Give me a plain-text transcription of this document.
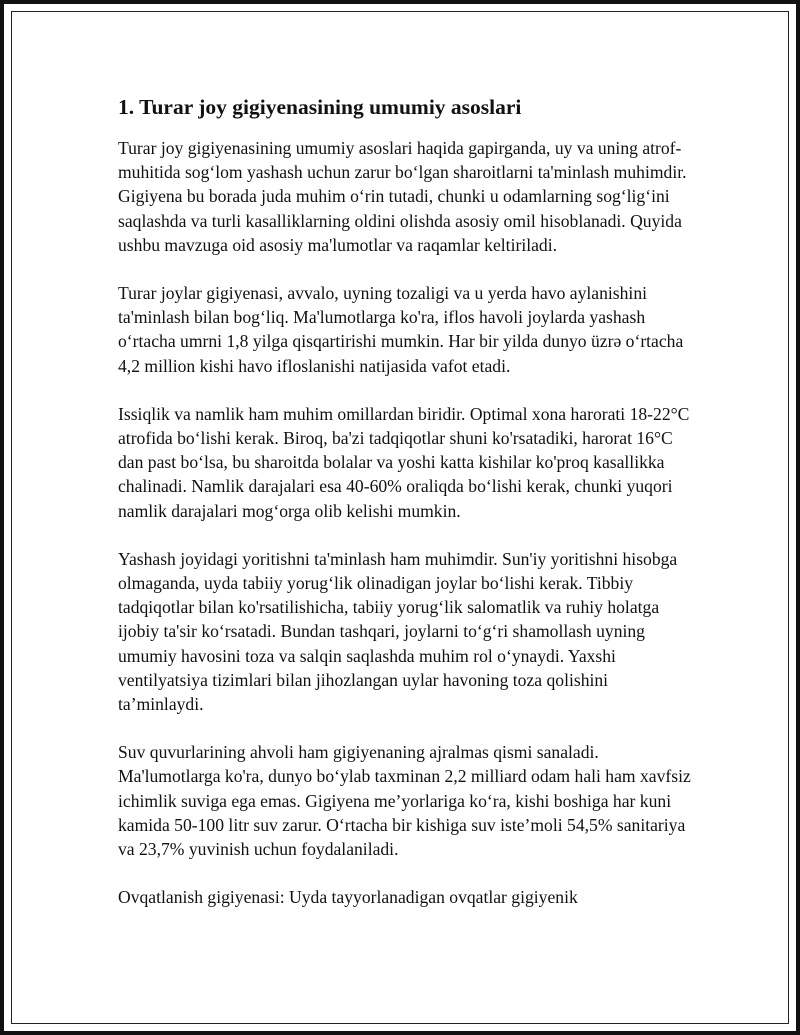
1. Turar joy gigiyenasining umumiy asoslari

Turar joy gigiyenasining umumiy asoslari haqida gapirganda, uy va uning atrof-muhitida sog‘lom yashash uchun zarur bo‘lgan sharoitlarni ta'minlash muhimdir. Gigiyena bu borada juda muhim o‘rin tutadi, chunki u odamlarning sog‘lig‘ini saqlashda va turli kasalliklarning oldini olishda asosiy omil hisoblanadi. Quyida ushbu mavzuga oid asosiy ma'lumotlar va raqamlar keltiriladi.

Turar joylar gigiyenasi, avvalo, uyning tozaligi va u yerda havo aylanishini ta'minlash bilan bog‘liq. Ma'lumotlarga ko'ra, iflos havoli joylarda yashash o‘rtacha umrni 1,8 yilga qisqartirishi mumkin. Har bir yilda dunyo üzrə o‘rtacha 4,2 million kishi havo ifloslanishi natijasida vafot etadi.

Issiqlik va namlik ham muhim omillardan biridir. Optimal xona harorati 18-22°C atrofida bo‘lishi kerak. Biroq, ba'zi tadqiqotlar shuni ko'rsatadiki, harorat 16°C dan past bo‘lsa, bu sharoitda bolalar va yoshi katta kishilar ko'proq kasallikka chalinadi. Namlik darajalari esa 40-60% oraliqda bo‘lishi kerak, chunki yuqori namlik darajalari mog‘orga olib kelishi mumkin.

Yashash joyidagi yoritishni ta'minlash ham muhimdir. Sun'iy yoritishni hisobga olmaganda, uyda tabiiy yorug‘lik olinadigan joylar bo‘lishi kerak. Tibbiy tadqiqotlar bilan ko'rsatilishicha, tabiiy yorug‘lik salomatlik va ruhiy holatga ijobiy ta'sir ko‘rsatadi. Bundan tashqari, joylarni to‘g‘ri shamollash uyning umumiy havosini toza va salqin saqlashda muhim rol o‘ynaydi. Yaxshi ventilyatsiya tizimlari bilan jihozlangan uylar havoning toza qolishini ta’minlaydi.

Suv quvurlarining ahvoli ham gigiyenaning ajralmas qismi sanaladi. Ma'lumotlarga ko'ra, dunyo bo‘ylab taxminan 2,2 milliard odam hali ham xavfsiz ichimlik suviga ega emas. Gigiyena me’yorlariga ko‘ra, kishi boshiga har kuni kamida 50-100 litr suv zarur. O‘rtacha bir kishiga suv iste’moli 54,5% sanitariya va 23,7% yuvinish uchun foydalaniladi.

Ovqatlanish gigiyenasi: Uyda tayyorlanadigan ovqatlar gigiyenik
